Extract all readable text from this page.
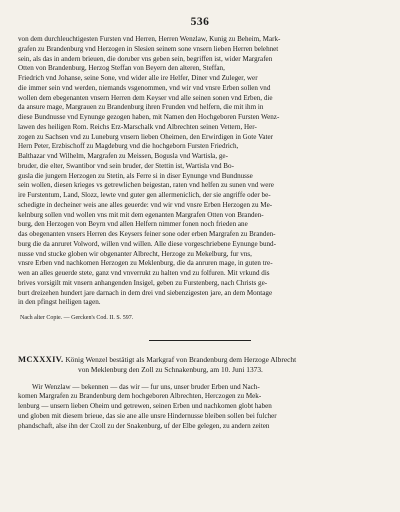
536
von dem durchleuchtigesten Fursten vnd Herren, Herren Wenzlaw, Kunig zu Beheim, Mark-
grafen zu Brandenburg vnd Herzogen in Slesien seinem sone vnsern lieben Herren belehnet
sein, als das in andern brieuen, die doruber vns geben sein, begriffen ist, wider Margrafen
Otten von Brandenburg, Herzog Steffan von Beyern den alteren, Steffan,
Friedrich vnd Johanse, seine Sone, vnd wider alle ire Helfer, Diner vnd Zuleger, wer
die immer sein vnd werden, niemands vsgenommen, vnd wir vnd vnsre Erben sollen vnd
wollen dem ebegenanten vnsern Herren dem Keyser vnd alle seinen sonen vnd Erben, die
da ansure mage, Margrauen zu Brandenburg ihren Frunden vnd helfern, die mit ihm in
diese Bundnusse vnd Eynunge gezogen haben, mit Namen den Hochgeboren Fursten Wenz-
lawen des heiligen Rom. Reichs Erz-Marschalk vnd Albrechten seinen Vettern, Her-
zogen zu Sachsen vnd zu Luneburg vnsern lieben Oheimen, den Erwirdigen in Gote Vater
Hern Peter, Erzbischoff zu Magdeburg vnd die hochgeborn Fursten Friedrich,
Balthazar vnd Wilhelm, Margrafen zu Meissen, Bogusla vnd Wartisla, ge-
bruder, die elter, Swantibor vnd sein bruder, der Stettin ist, Wartisla vnd Bo-
gusla die jungern Herzogen zu Stetin, als Ferre si in diser Eynunge vnd Bundnusse
sein wollen, diesen krieges vs getrewlichen beigestan, raten vnd helfen zu sunen vnd were
ire Furstentum, Land, Slozz, lewte vnd guter gen allermeniclich, der sie angriffe oder be-
schedigte in decheiner weis ane alles geuerde: vnd wir vnd vnsre Erben Herzogen zu Me-
kelnburg sollen vnd wollen vns mit mit dem egenanten Margrafen Otten von Branden-
burg, den Herzogen von Beyrn vnd allen Helfern nimmer fonen noch frieden ane
das obegenanten vnsers Herren des Keysers feiner sone oder erben Margrafen zu Branden-
burg die da anruret Volword, willen vnd willen. Alle diese vorgeschriebene Eynunge bund-
nusse vnd stucke globen wir obgenanter Albrecht, Herzoge zu Mekelburg, fur vns,
vnsre Erben vnd nachkomen Herzogen zu Meklenburg, die da anruren mage, in guten tre-
wen an alles geuerde stete, ganz vnd vnverrukt zu halten vnd zu folfuren. Mit vrkund dis
brives vorsigilt mit vnsern anhangenden Insigel, geben zu Furstenberg, nach Christs ge-
burt dreizehen hundert jare darnach in dem drei vnd siebenzigesten jare, an dem Montage
in den pfingst heiligen tagen.
Nach alter Copie. — Gercken's Cod. II. S. 597.
MCXXXIV. König Wenzel bestätigt als Markgraf von Brandenburg dem Herzoge Albrecht
von Meklenburg den Zoll zu Schnakenburg, am 10. Juni 1373.
Wir Wenzlaw — bekennen — das wir — fur uns, unser bruder Erben und Nach-
komen Margrafen zu Brandenburg dem hochgeboren Albrechten, Herczogen zu Mek-
lenburg — unsern lieben Oheim und getrewen, seinen Erben und nachkomen globt haben
und globen mit diesem brieue, das sie ane alle unsre Hindernusse bleiben sollen bei fulcher
phandschaft, alse ihn der Czoll zu der Snakenburg, uf der Elbe gelegen, zu andern zeiten
